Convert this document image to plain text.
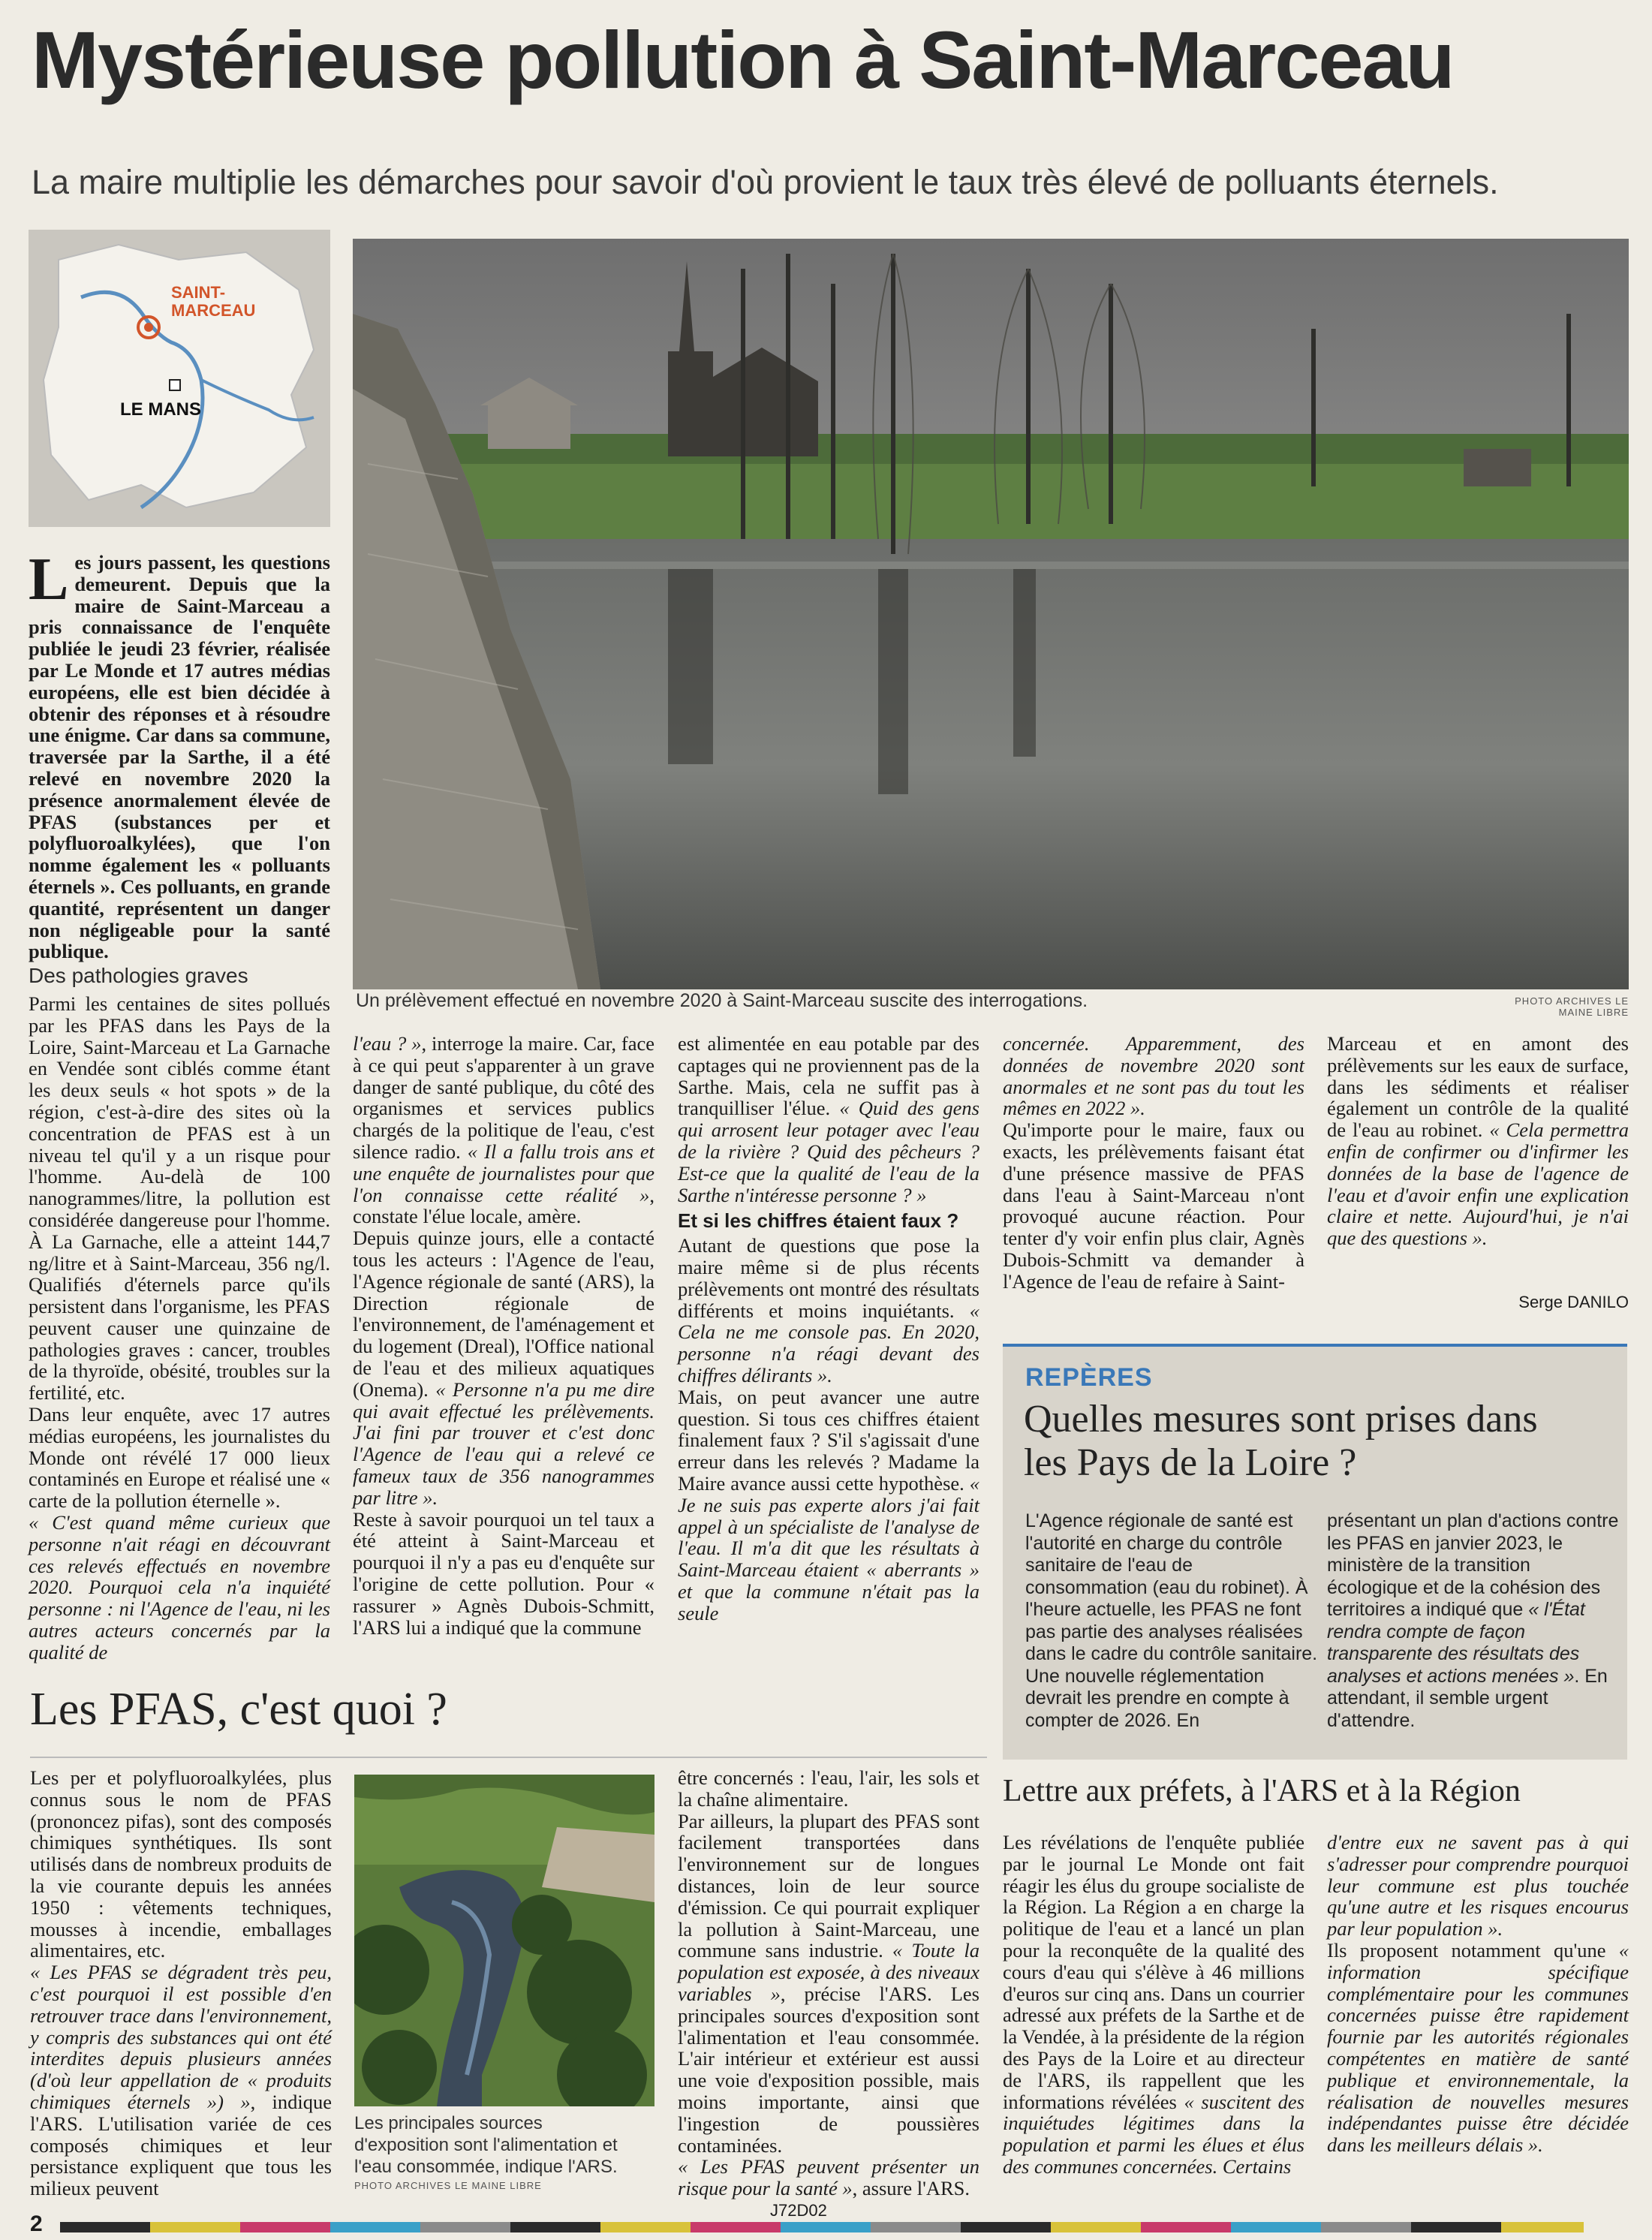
Mystérieuse pollution à Saint-Marceau
La maire multiplie les démarches pour savoir d'où provient le taux très élevé de polluants éternels.
SAINT-
MARCEAU
LE MANS
Un prélèvement effectué en novembre 2020 à Saint-Marceau suscite des interrogations.	PHOTO ARCHIVES LE MAINE LIBRE

Les jours passent, les questions demeurent. Depuis que la maire de Saint-Marceau a pris connaissance de l'enquête publiée le jeudi 23 février, réalisée par Le Monde et 17 autres médias européens, elle est bien décidée à obtenir des réponses et à résoudre une énigme. Car dans sa commune, traversée par la Sarthe, il a été relevé en novembre 2020 la présence anormalement élevée de PFAS (substances per et polyfluoroalkylées), que l'on nomme également les « polluants éternels ». Ces polluants, en grande quantité, représentent un danger non négligeable pour la santé publique.

Des pathologies graves

Parmi les centaines de sites pollués par les PFAS dans les Pays de la Loire, Saint-Marceau et La Garnache en Vendée sont ciblés comme étant les deux seuls « hot spots » de la région, c'est-à-dire des sites où la concentration de PFAS est à un niveau tel qu'il y a un risque pour l'homme. Au-delà de 100 nanogrammes/litre, la pollution est considérée dangereuse pour l'homme. À La Garnache, elle a atteint 144,7 ng/litre et à Saint-Marceau, 356 ng/l. Qualifiés d'éternels parce qu'ils persistent dans l'organisme, les PFAS peuvent causer une quinzaine de pathologies graves : cancer, troubles de la thyroïde, obésité, troubles sur la fertilité, etc.

Dans leur enquête, avec 17 autres médias européens, les journalistes du Monde ont révélé 17 000 lieux contaminés en Europe et réalisé une « carte de la pollution éternelle ».

« C'est quand même curieux que personne n'ait réagi en découvrant ces relevés effectués en novembre 2020. Pourquoi cela n'a inquiété personne : ni l'Agence de l'eau, ni les autres acteurs concernés par la qualité de

l'eau ? », interroge la maire. Car, face à ce qui peut s'apparenter à un grave danger de santé publique, du côté des organismes et services publics chargés de la politique de l'eau, c'est silence radio. « Il a fallu trois ans et une enquête de journalistes pour que l'on connaisse cette réalité », constate l'élue locale, amère.

Depuis quinze jours, elle a contacté tous les acteurs : l'Agence de l'eau, l'Agence régionale de santé (ARS), la Direction régionale de l'environnement, de l'aménagement et du logement (Dreal), l'Office national de l'eau et des milieux aquatiques (Onema). « Personne n'a pu me dire qui avait effectué les prélèvements. J'ai fini par trouver et c'est donc l'Agence de l'eau qui a relevé ce fameux taux de 356 nanogrammes par litre ».

Reste à savoir pourquoi un tel taux a été atteint à Saint-Marceau et pourquoi il n'y a pas eu d'enquête sur l'origine de cette pollution. Pour « rassurer » Agnès Dubois-Schmitt, l'ARS lui a indiqué que la commune

est alimentée en eau potable par des captages qui ne proviennent pas de la Sarthe. Mais, cela ne suffit pas à tranquilliser l'élue. « Quid des gens qui arrosent leur potager avec l'eau de la rivière ? Quid des pêcheurs ? Est-ce que la qualité de l'eau de la Sarthe n'intéresse personne ? »

Et si les chiffres étaient faux ?

Autant de questions que pose la maire même si de plus récents prélèvements ont montré des résultats différents et moins inquiétants. « Cela ne me console pas. En 2020, personne n'a réagi devant des chiffres délirants ».

Mais, on peut avancer une autre question. Si tous ces chiffres étaient finalement faux ? S'il s'agissait d'une erreur dans les relevés ? Madame la Maire avance aussi cette hypothèse. « Je ne suis pas experte alors j'ai fait appel à un spécialiste de l'analyse de l'eau. Il m'a dit que les résultats à Saint-Marceau étaient « aberrants » et que la commune n'était pas la seule

concernée. Apparemment, des données de novembre 2020 sont anormales et ne sont pas du tout les mêmes en 2022 ».

Qu'importe pour le maire, faux ou exacts, les prélèvements faisant état d'une présence massive de PFAS dans l'eau à Saint-Marceau n'ont provoqué aucune réaction. Pour tenter d'y voir enfin plus clair, Agnès Dubois-Schmitt va demander à l'Agence de l'eau de refaire à Saint-

Marceau et en amont des prélèvements sur les eaux de surface, dans les sédiments et réaliser également un contrôle de la qualité de l'eau au robinet. « Cela permettra enfin de confirmer ou d'infirmer les données de la base de l'agence de l'eau et d'avoir enfin une explication claire et nette. Aujourd'hui, je n'ai que des questions ».

Serge DANILO
REPÈRES
Quelles mesures sont prises dans les Pays de la Loire ?

L'Agence régionale de santé est l'autorité en charge du contrôle sanitaire de l'eau de consommation (eau du robinet). À l'heure actuelle, les PFAS ne font pas partie des analyses réalisées dans le cadre du contrôle sanitaire. Une nouvelle réglementation devrait les prendre en compte à compter de 2026. En

présentant un plan d'actions contre les PFAS en janvier 2023, le ministère de la transition écologique et de la cohésion des territoires a indiqué que « l'État rendra compte de façon transparente des résultats des analyses et actions menées ». En attendant, il semble urgent d'attendre.

Les PFAS, c'est quoi ?

Les per et polyfluoroalkylées, plus connus sous le nom de PFAS (prononcez pifas), sont des composés chimiques synthétiques. Ils sont utilisés dans de nombreux produits de la vie courante depuis les années 1950 : vêtements techniques, mousses à incendie, emballages alimentaires, etc.

« Les PFAS se dégradent très peu, c'est pourquoi il est possible d'en retrouver trace dans l'environnement, y compris des substances qui ont été interdites depuis plusieurs années (d'où leur appellation de « produits chimiques éternels ») », indique l'ARS. L'utilisation variée de ces composés chimiques et leur persistance expliquent que tous les milieux peuvent

Les principales sources d'exposition sont l'alimentation et l'eau consommée, indique l'ARS.
PHOTO ARCHIVES LE MAINE LIBRE

être concernés : l'eau, l'air, les sols et la chaîne alimentaire.

Par ailleurs, la plupart des PFAS sont facilement transportées dans l'environnement sur de longues distances, loin de leur source d'émission. Ce qui pourrait expliquer la pollution à Saint-Marceau, une commune sans industrie. « Toute la population est exposée, à des niveaux variables », précise l'ARS. Les principales sources d'exposition sont l'alimentation et l'eau consommée. L'air intérieur et extérieur est aussi une voie d'exposition possible, mais moins importante, ainsi que l'ingestion de poussières contaminées.

« Les PFAS peuvent présenter un risque pour la santé », assure l'ARS.

Lettre aux préfets, à l'ARS et à la Région

Les révélations de l'enquête publiée par le journal Le Monde ont fait réagir les élus du groupe socialiste de la Région. La Région a en charge la politique de l'eau et a lancé un plan pour la reconquête de la qualité des cours d'eau qui s'élève à 46 millions d'euros sur cinq ans. Dans un courrier adressé aux préfets de la Sarthe et de la Vendée, à la présidente de la région des Pays de la Loire et au directeur de l'ARS, ils rappellent que les informations révélées « suscitent des inquiétudes légitimes dans la population et parmi les élues et élus des communes concernées. Certains

d'entre eux ne savent pas à qui s'adresser pour comprendre pourquoi leur commune est plus touchée qu'une autre et les risques encourus par leur population ».

Ils proposent notamment qu'une « information spécifique complémentaire pour les communes concernées puisse être rapidement fournie par les autorités régionales compétentes en matière de santé publique et environnementale, la réalisation de nouvelles mesures indépendantes puisse être décidée dans les meilleurs délais ».

2
J72D02
